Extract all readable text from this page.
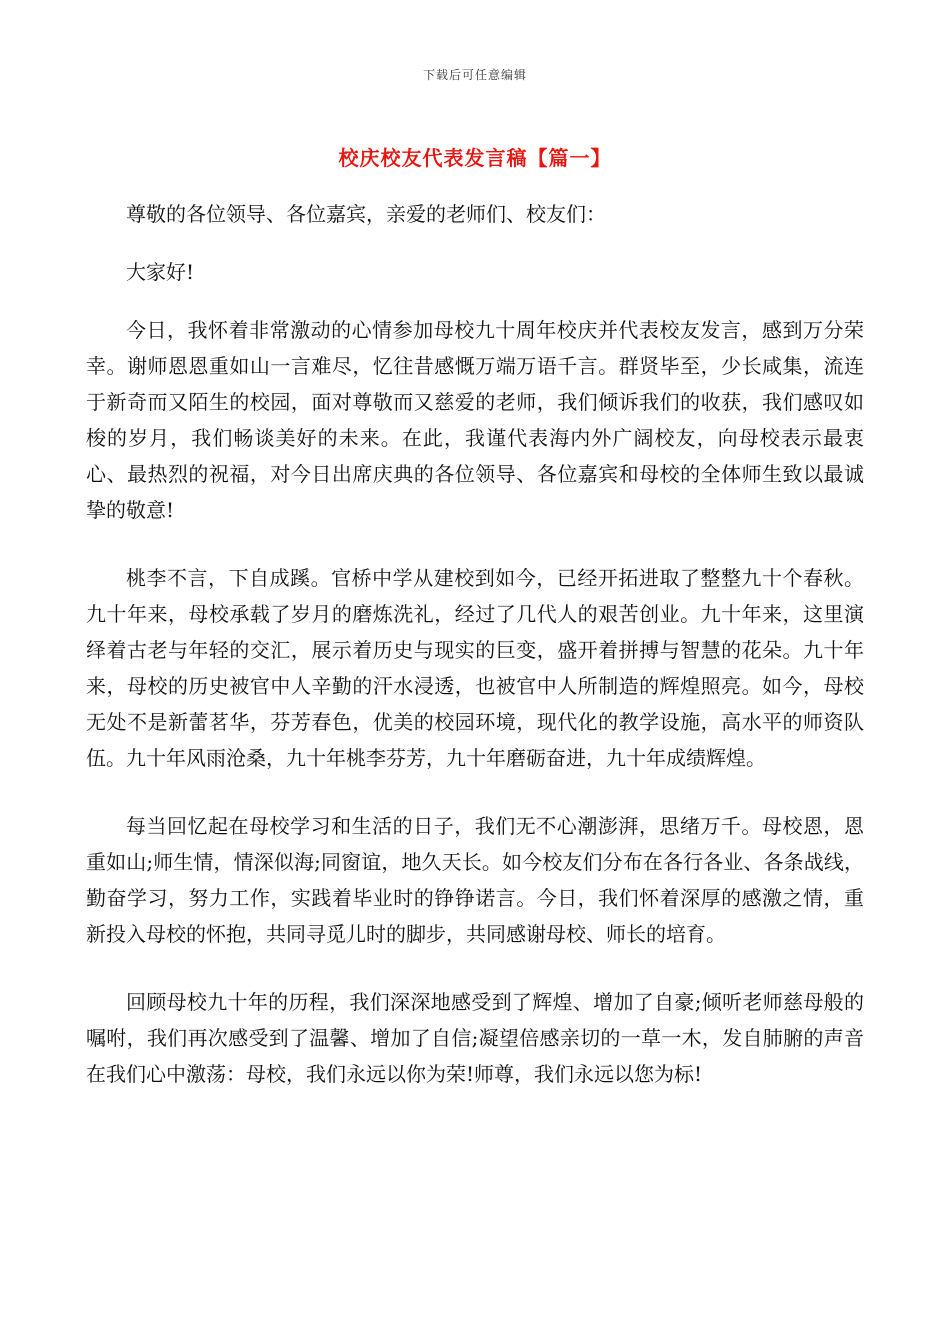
下载后可任意编辑
校庆校友代表发言稿【篇一】

尊敬的各位领导、各位嘉宾，亲爱的老师们、校友们：

大家好!

今日，我怀着非常激动的心情参加母校九十周年校庆并代表校友发言，感到万分荣幸。谢师恩恩重如山一言难尽，忆往昔感慨万端万语千言。群贤毕至，少长咸集，流连于新奇而又陌生的校园，面对尊敬而又慈爱的老师，我们倾诉我们的收获，我们感叹如梭的岁月，我们畅谈美好的未来。在此，我谨代表海内外广阔校友，向母校表示最衷心、最热烈的祝福，对今日出席庆典的各位领导、各位嘉宾和母校的全体师生致以最诚挚的敬意!

桃李不言，下自成蹊。官桥中学从建校到如今，已经开拓进取了整整九十个春秋。九十年来，母校承载了岁月的磨炼洗礼，经过了几代人的艰苦创业。九十年来，这里演绎着古老与年轻的交汇，展示着历史与现实的巨变，盛开着拼搏与智慧的花朵。九十年来，母校的历史被官中人辛勤的汗水浸透，也被官中人所制造的辉煌照亮。如今，母校无处不是新蕾茗华，芬芳春色，优美的校园环境，现代化的教学设施，高水平的师资队伍。九十年风雨沧桑，九十年桃李芬芳，九十年磨砺奋进，九十年成绩辉煌。

每当回忆起在母校学习和生活的日子，我们无不心潮澎湃，思绪万千。母校恩，恩重如山;师生情，情深似海;同窗谊，地久天长。如今校友们分布在各行各业、各条战线，勤奋学习，努力工作，实践着毕业时的铮铮诺言。今日，我们怀着深厚的感激之情，重新投入母校的怀抱，共同寻觅儿时的脚步，共同感谢母校、师长的培育。

回顾母校九十年的历程，我们深深地感受到了辉煌、增加了自豪;倾听老师慈母般的嘱咐，我们再次感受到了温馨、增加了自信;凝望倍感亲切的一草一木，发自肺腑的声音在我们心中激荡：母校，我们永远以你为荣!师尊，我们永远以您为标!
